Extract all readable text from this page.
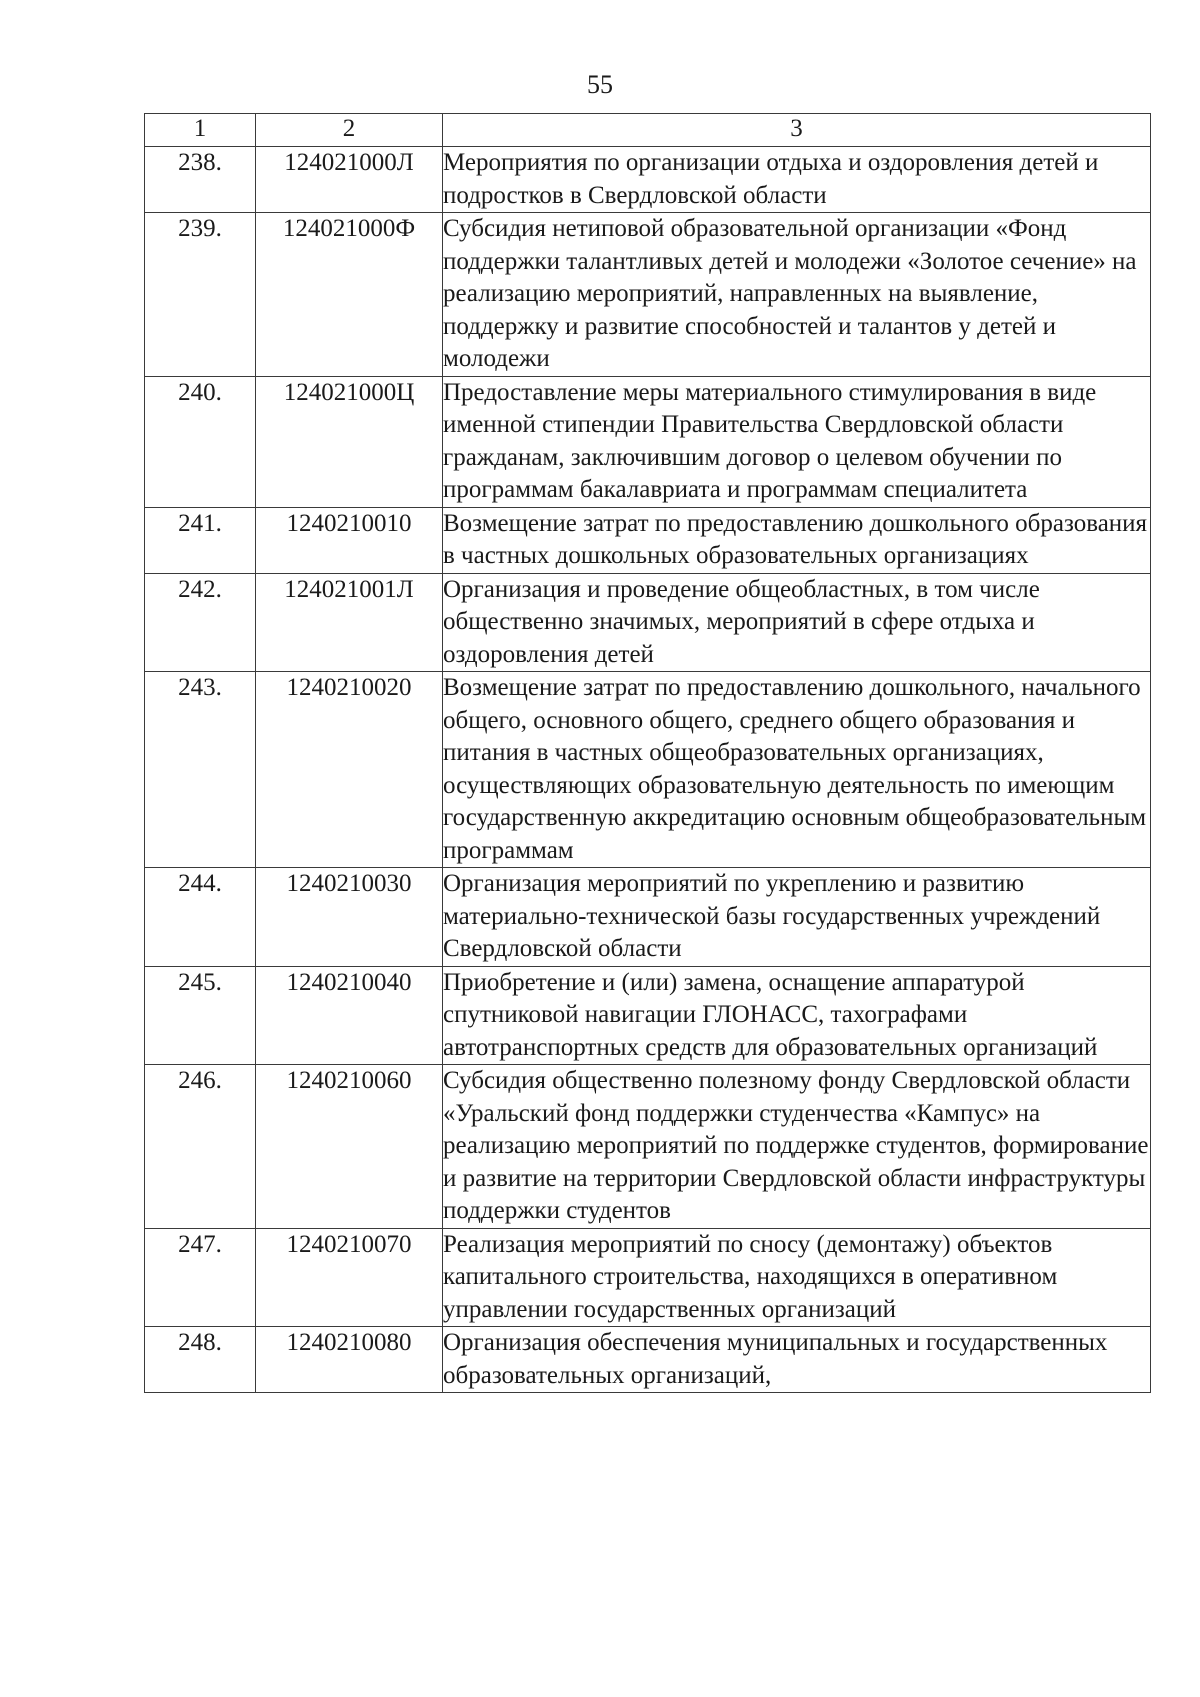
55
1	2	3
238.	124021000Л	Мероприятия по организации отдыха и оздоровления детей и подростков в Свердловской области
239.	124021000Ф	Субсидия нетиповой образовательной организации «Фонд поддержки талантливых детей и молодежи «Золотое сечение» на реализацию мероприятий, направленных на выявление, поддержку и развитие способностей и талантов у детей и молодежи
240.	124021000Ц	Предоставление меры материального стимулирования в виде именной стипендии Правительства Свердловской области гражданам, заключившим договор о целевом обучении по программам бакалавриата и программам специалитета
241.	1240210010	Возмещение затрат по предоставлению дошкольного образования в частных дошкольных образовательных организациях
242.	124021001Л	Организация и проведение общеобластных, в том числе общественно значимых, мероприятий в сфере отдыха и оздоровления детей
243.	1240210020	Возмещение затрат по предоставлению дошкольного, начального общего, основного общего, среднего общего образования и питания в частных общеобразовательных организациях, осуществляющих образовательную деятельность по имеющим государственную аккредитацию основным общеобразовательным программам
244.	1240210030	Организация мероприятий по укреплению и развитию материально-технической базы государственных учреждений Свердловской области
245.	1240210040	Приобретение и (или) замена, оснащение аппаратурой спутниковой навигации ГЛОНАСС, тахографами автотранспортных средств для образовательных организаций
246.	1240210060	Субсидия общественно полезному фонду Свердловской области «Уральский фонд поддержки студенчества «Кампус» на реализацию мероприятий по поддержке студентов, формирование и развитие на территории Свердловской области инфраструктуры поддержки студентов
247.	1240210070	Реализация мероприятий по сносу (демонтажу) объектов капитального строительства, находящихся в оперативном управлении государственных организаций
248.	1240210080	Организация обеспечения муниципальных и государственных образовательных организаций,
